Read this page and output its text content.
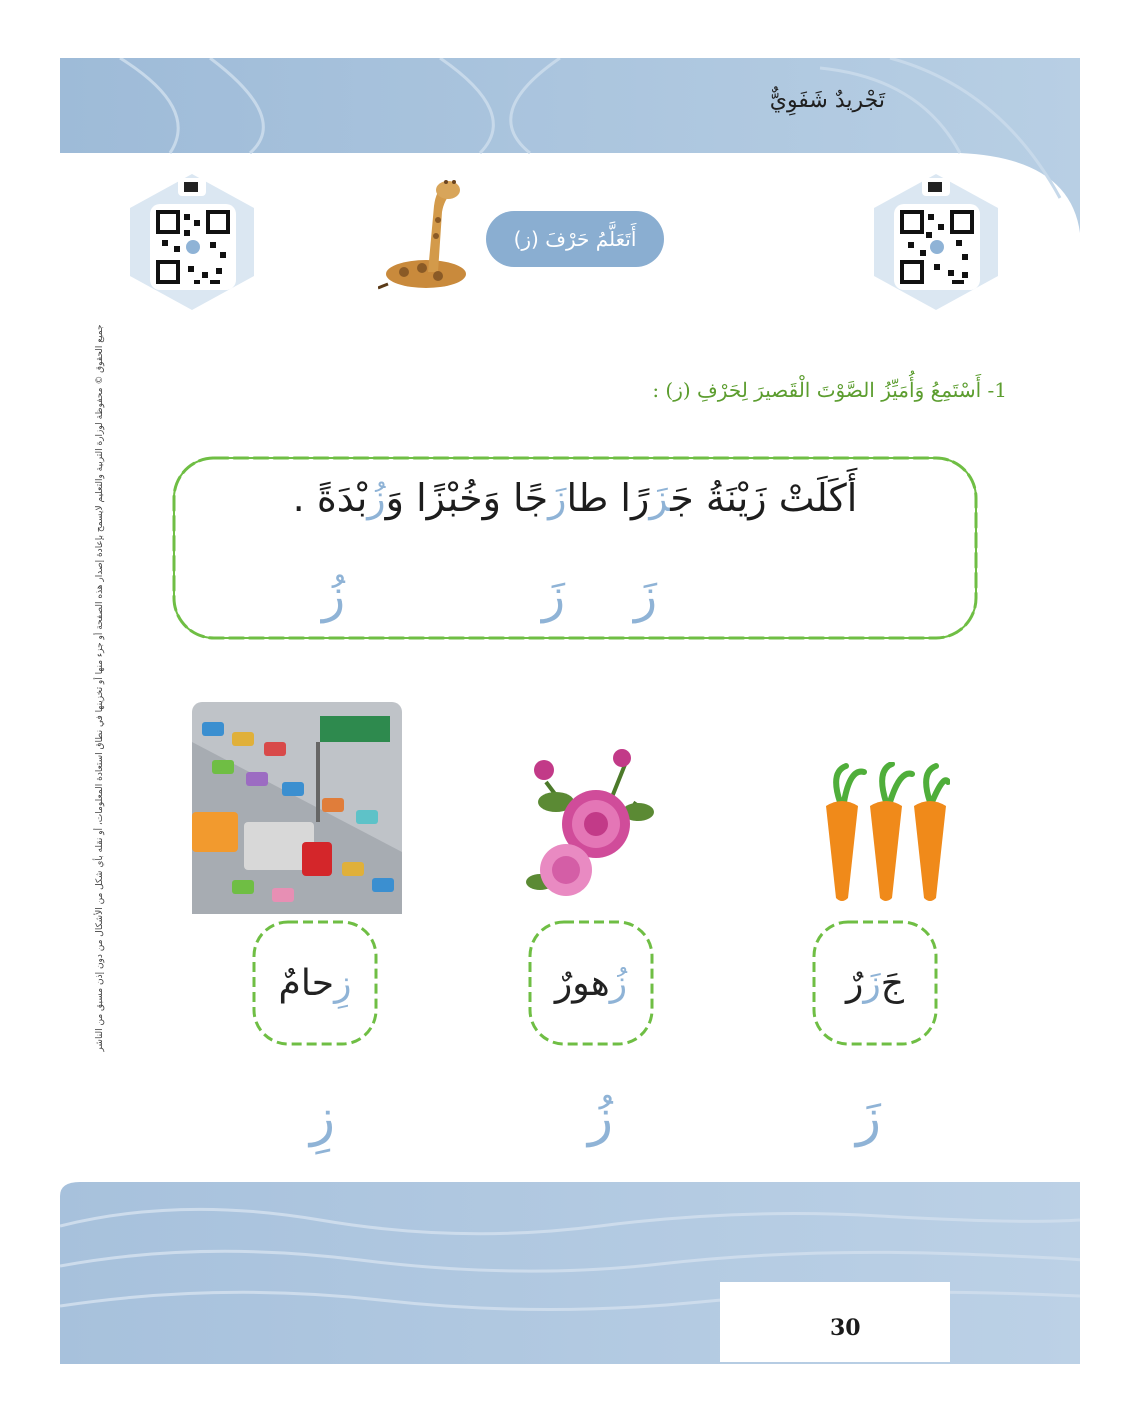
تَجْريدٌ شَفَوِيٌّ
أَتَعَلَّمُ حَرْفَ (ز)
جميع الحقوق © محفوظة لوزارة التربية والتعليم لايسمح بإعادة إصدار هذه الصفحة أو جزء منها أو تخزينها في نطاق استعادة المعلومات، أو نقله بأي شكل من الأشكال من دون إذن مسبق من الناشر	1- أَسْتَمِعُ وَأُمَيِّزُ الصَّوْتَ الْقَصيرَ لِحَرْفِ (ز) :
أَكَلَتْ زَيْنَةُ جَزَرًا طازَجًا وَخُبْزًا وَزُبْدَةً .
زَ
زَ
زُ
جَ
زَ
رٌ
زُ
هورٌ
زِ
حامٌ
زَ
زُ
زِ
30
